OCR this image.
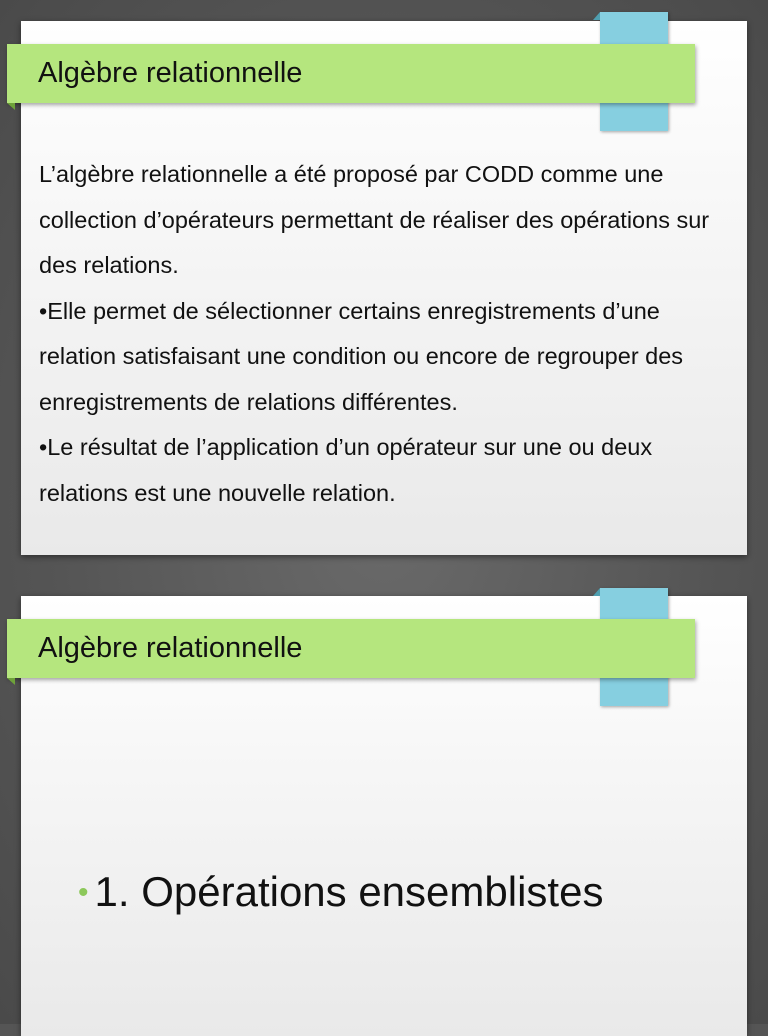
Algèbre relationnelle

L’algèbre relationnelle a été proposé par CODD comme une collection d’opérateurs permettant de réaliser des opérations sur des relations.

•Elle permet de sélectionner certains enregistrements d’une relation satisfaisant une condition ou encore de regrouper des enregistrements de relations différentes.

•Le résultat de l’application d’un opérateur sur une ou deux relations est une nouvelle relation.

Algèbre relationnelle
• 1. Opérations ensemblistes
